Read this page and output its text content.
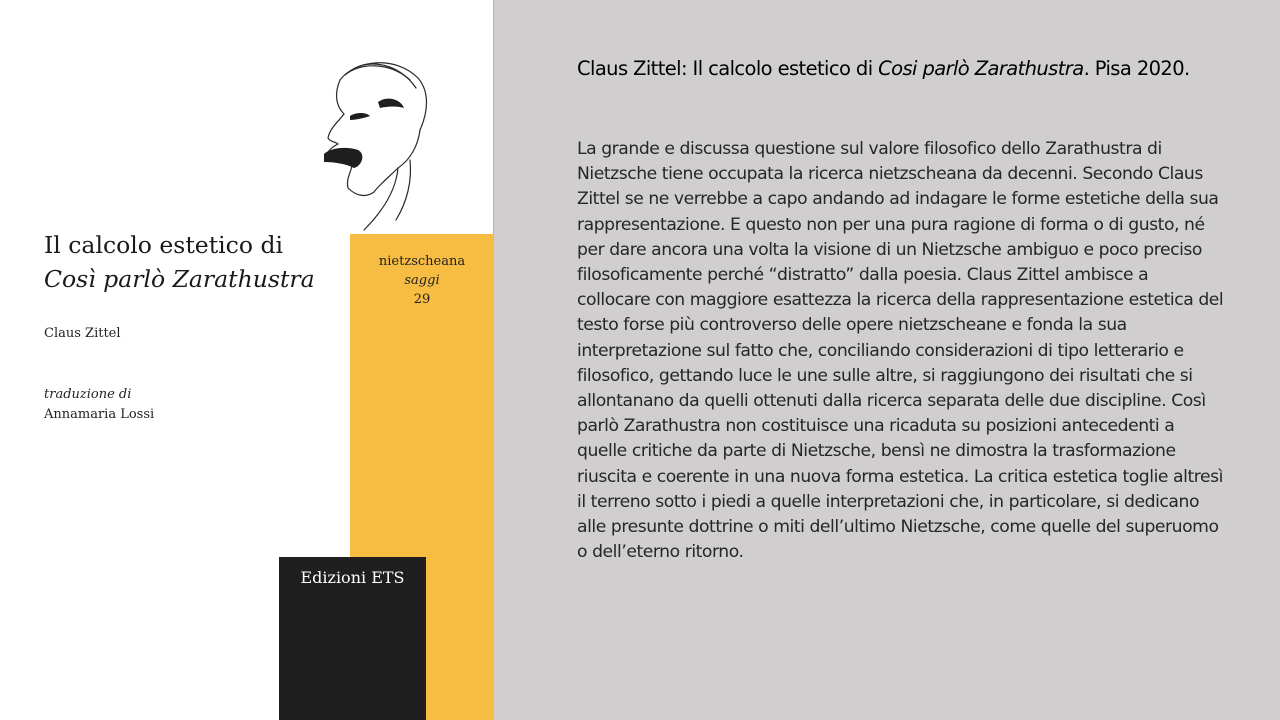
Il calcolo estetico di
Così parlò Zarathustra
Claus Zittel
traduzione di
Annamaria Lossi
nietzscheana
saggi
29
Edizioni ETS
Claus Zittel: Il calcolo estetico di Cosi parlò Zarathustra. Pisa 2020.
La grande e discussa questione sul valore filosofico dello Zarathustra di Nietzsche tiene occupata la ricerca nietzscheana da decenni. Secondo Claus Zittel se ne verrebbe a capo andando ad indagare le forme estetiche della sua rappresentazione. E questo non per una pura ragione di forma o di gusto, né per dare ancora una volta la visione di un Nietzsche ambiguo e poco preciso filosoficamente perché “distratto” dalla poesia. Claus Zittel ambisce a collocare con maggiore esattezza la ricerca della rappresentazione estetica del testo forse più controverso delle opere nietzscheane e fonda la sua interpretazione sul fatto che, conciliando considerazioni di tipo letterario e filosofico, gettando luce le une sulle altre, si raggiungono dei risultati che si allontanano da quelli ottenuti dalla ricerca separata delle due discipline. Così parlò Zarathustra non costituisce una ricaduta su posizioni antecedenti a quelle critiche da parte di Nietzsche, bensì ne dimostra la trasformazione riuscita e coerente in una nuova forma estetica. La critica estetica toglie altresì il terreno sotto i piedi a quelle interpretazioni che, in particolare, si dedicano alle presunte dottrine o miti dell’ultimo Nietzsche, come quelle del superuomo o dell’eterno ritorno.
